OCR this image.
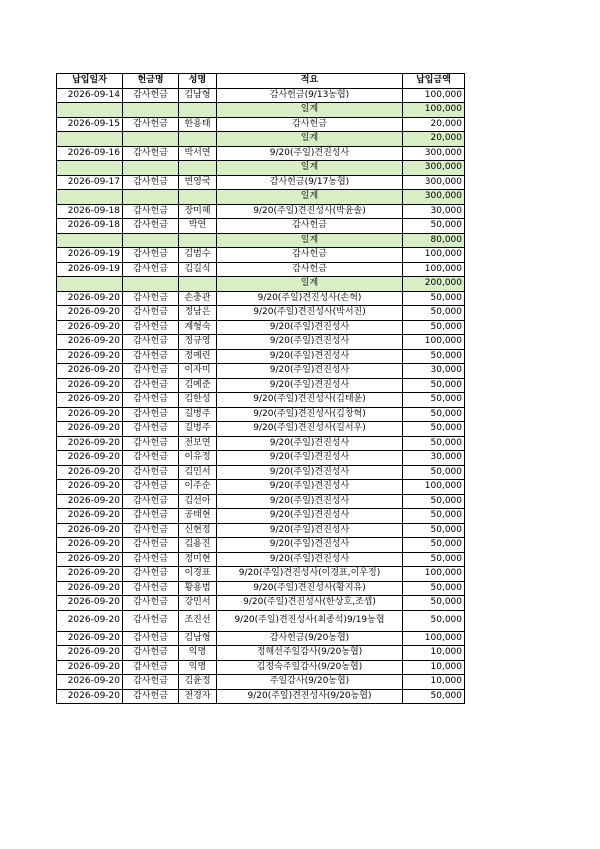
납입일자	헌금명	성명	적요	납입금액
2026-09-14	감사헌금	김남형	감사헌금(9/13농협)	100,000
			일계	100,000
2026-09-15	감사헌금	한용태	감사헌금	20,000
			일계	20,000
2026-09-16	감사헌금	박서연	9/20(주일)견진성사	300,000
			일계	300,000
2026-09-17	감사헌금	변영국	감사헌금(9/17농협)	300,000
			일계	300,000
2026-09-18	감사헌금	장미혜	9/20(주일)견진성사(박윤솔)	30,000
2026-09-18	감사헌금	박연	감사헌금	50,000
			일계	80,000
2026-09-19	감사헌금	김범수	감사헌금	100,000
2026-09-19	감사헌금	김길식	감사헌금	100,000
			일계	200,000
2026-09-20	감사헌금	손충관	9/20(주일)견진성사(손혁)	50,000
2026-09-20	감사헌금	정남은	9/20(주일)견진성사(박서진)	50,000
2026-09-20	감사헌금	계형숙	9/20(주일)견진성사	50,000
2026-09-20	감사헌금	정규영	9/20(주일)견진성사	100,000
2026-09-20	감사헌금	정예린	9/20(주일)견진성사	50,000
2026-09-20	감사헌금	이자미	9/20(주일)견진성사	30,000
2026-09-20	감사헌금	김예준	9/20(주일)견진성사	50,000
2026-09-20	감사헌금	김한성	9/20(주일)견진성사(김태윤)	50,000
2026-09-20	감사헌금	길병주	9/20(주일)견진성사(김창혁)	50,000
2026-09-20	감사헌금	길병주	9/20(주일)견진성사(길서우)	50,000
2026-09-20	감사헌금	전보연	9/20(주일)견진성사	50,000
2026-09-20	감사헌금	이유정	9/20(주일)견진성사	30,000
2026-09-20	감사헌금	김민서	9/20(주일)견진성사	50,000
2026-09-20	감사헌금	이주순	9/20(주일)견진성사	100,000
2026-09-20	감사헌금	김선아	9/20(주일)견진성사	50,000
2026-09-20	감사헌금	공태현	9/20(주일)견진성사	50,000
2026-09-20	감사헌금	신현정	9/20(주일)견진성사	50,000
2026-09-20	감사헌금	김용진	9/20(주일)견진성사	50,000
2026-09-20	감사헌금	정미현	9/20(주일)견진성사	50,000
2026-09-20	감사헌금	이경표	9/20(주일)견진성사(이경표,이우정)	100,000
2026-09-20	감사헌금	황용범	9/20(주일)견진성사(황지유)	50,000
2026-09-20	감사헌금	강민서	9/20(주일)견진성사(한상호,조셉)	50,000
2026-09-20	감사헌금	조진선	9/20(주일)견진성사(최종석)9/19농협	50,000
2026-09-20	감사헌금	김남형	감사헌금(9/20농협)	100,000
2026-09-20	감사헌금	익명	정해선주일감사(9/20농협)	10,000
2026-09-20	감사헌금	익명	김정숙주일감사(9/20농협)	10,000
2026-09-20	감사헌금	김윤정	주일감사(9/20농협)	10,000
2026-09-20	감사헌금	전경자	9/20(주일)견진성사(9/20농협)	50,000
